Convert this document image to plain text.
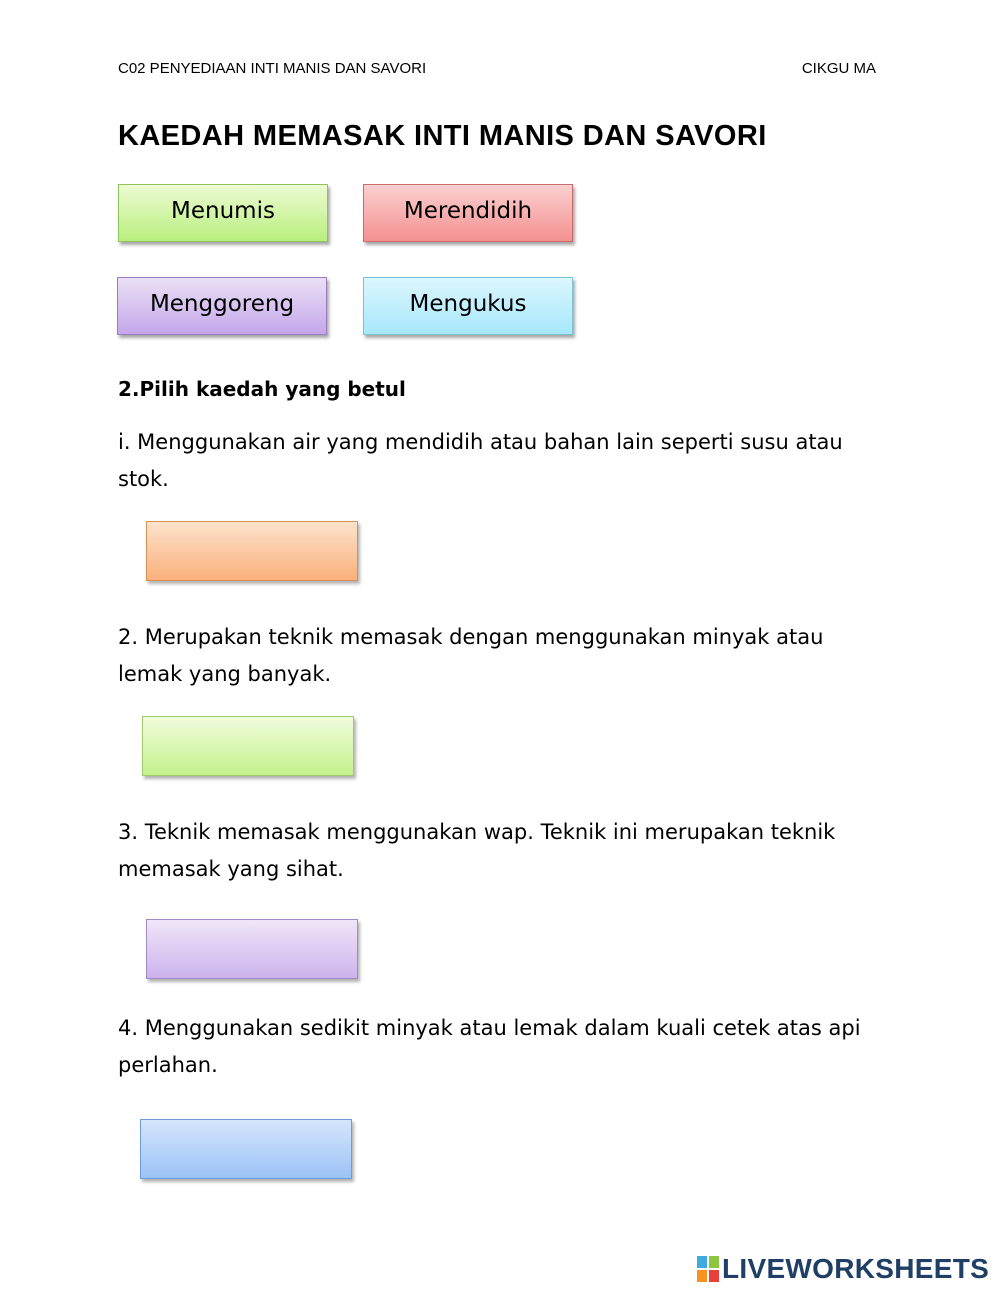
C02 PENYEDIAAN INTI MANIS DAN SAVORI	CIKGU MA
KAEDAH MEMASAK INTI MANIS DAN SAVORI
Menumis	Merendidih
Menggoreng	Mengukus
2.Pilih kaedah yang betul
i. Menggunakan air yang mendidih atau bahan lain seperti susu atau stok.
2. Merupakan teknik memasak dengan menggunakan minyak atau lemak yang banyak.
3. Teknik memasak menggunakan wap. Teknik ini merupakan teknik memasak yang sihat.
4. Menggunakan sedikit minyak atau lemak dalam kuali cetek atas api perlahan.
LIVEWORKSHEETS
